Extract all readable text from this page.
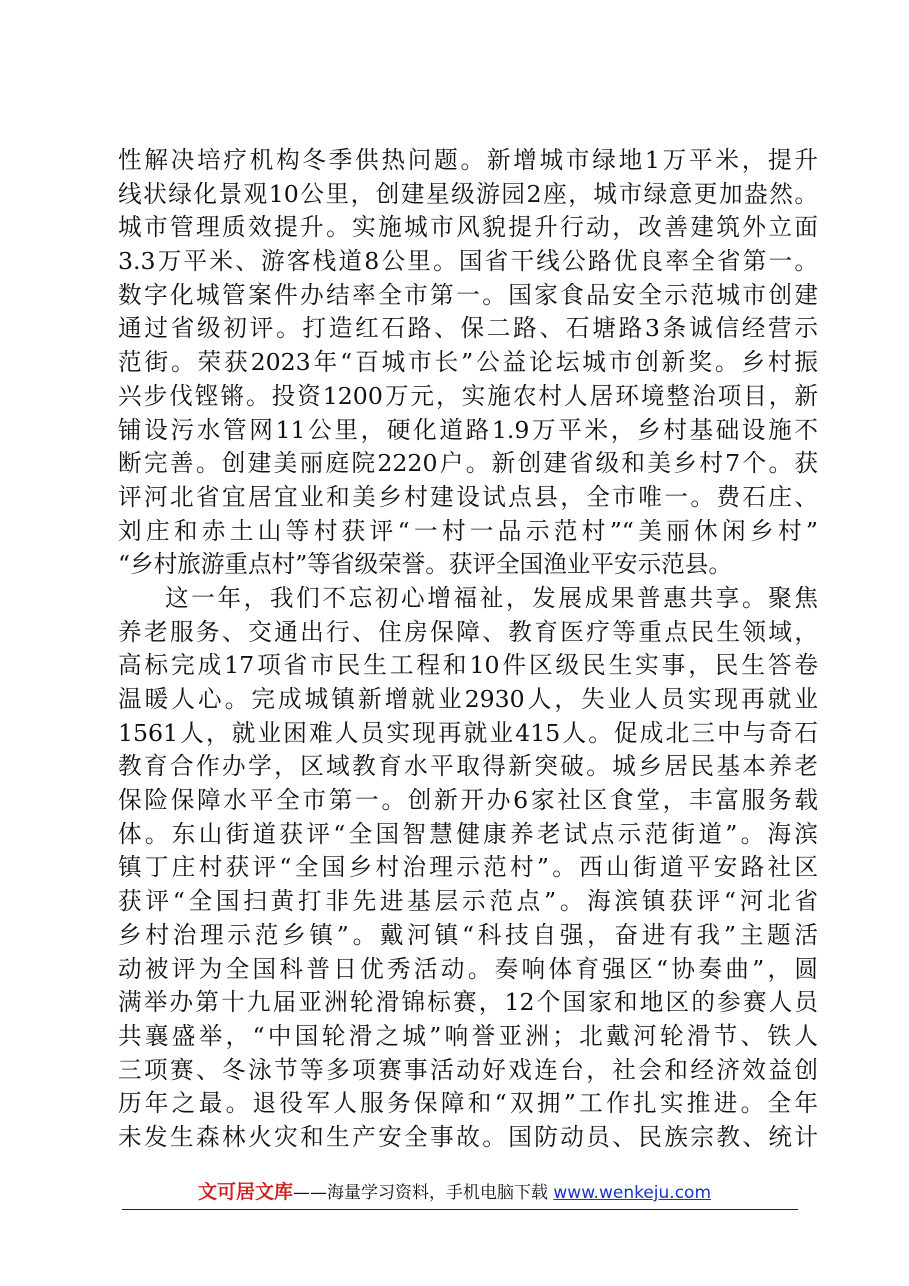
性解决培疗机构冬季供热问题。新增城市绿地1万平米，提升
线状绿化景观10公里，创建星级游园2座，城市绿意更加盎然。
城市管理质效提升。实施城市风貌提升行动，改善建筑外立面
3.3万平米、游客栈道8公里。国省干线公路优良率全省第一。
数字化城管案件办结率全市第一。国家食品安全示范城市创建
通过省级初评。打造红石路、保二路、石塘路3条诚信经营示
范街。荣获2023年“百城市长”公益论坛城市创新奖。乡村振
兴步伐铿锵。投资1200万元，实施农村人居环境整治项目，新
铺设污水管网11公里，硬化道路1.9万平米，乡村基础设施不
断完善。创建美丽庭院2220户。新创建省级和美乡村7个。获
评河北省宜居宜业和美乡村建设试点县，全市唯一。费石庄、
刘庄和赤土山等村获评“一村一品示范村”“美丽休闲乡村”
“乡村旅游重点村”等省级荣誉。获评全国渔业平安示范县。
这一年，我们不忘初心增福祉，发展成果普惠共享。聚焦
养老服务、交通出行、住房保障、教育医疗等重点民生领域，
高标完成17项省市民生工程和10件区级民生实事，民生答卷
温暖人心。完成城镇新增就业2930人，失业人员实现再就业
1561人，就业困难人员实现再就业415人。促成北三中与奇石
教育合作办学，区域教育水平取得新突破。城乡居民基本养老
保险保障水平全市第一。创新开办6家社区食堂，丰富服务载
体。东山街道获评“全国智慧健康养老试点示范街道”。海滨
镇丁庄村获评“全国乡村治理示范村”。西山街道平安路社区
获评“全国扫黄打非先进基层示范点”。海滨镇获评“河北省
乡村治理示范乡镇”。戴河镇“科技自强，奋进有我”主题活
动被评为全国科普日优秀活动。奏响体育强区“协奏曲”，圆
满举办第十九届亚洲轮滑锦标赛，12个国家和地区的参赛人员
共襄盛举，“中国轮滑之城”响誉亚洲；北戴河轮滑节、铁人
三项赛、冬泳节等多项赛事活动好戏连台，社会和经济效益创
历年之最。退役军人服务保障和“双拥”工作扎实推进。全年
未发生森林火灾和生产安全事故。国防动员、民族宗教、统计
文可居文库——海量学习资料，手机电脑下载 www.wenkeju.com
